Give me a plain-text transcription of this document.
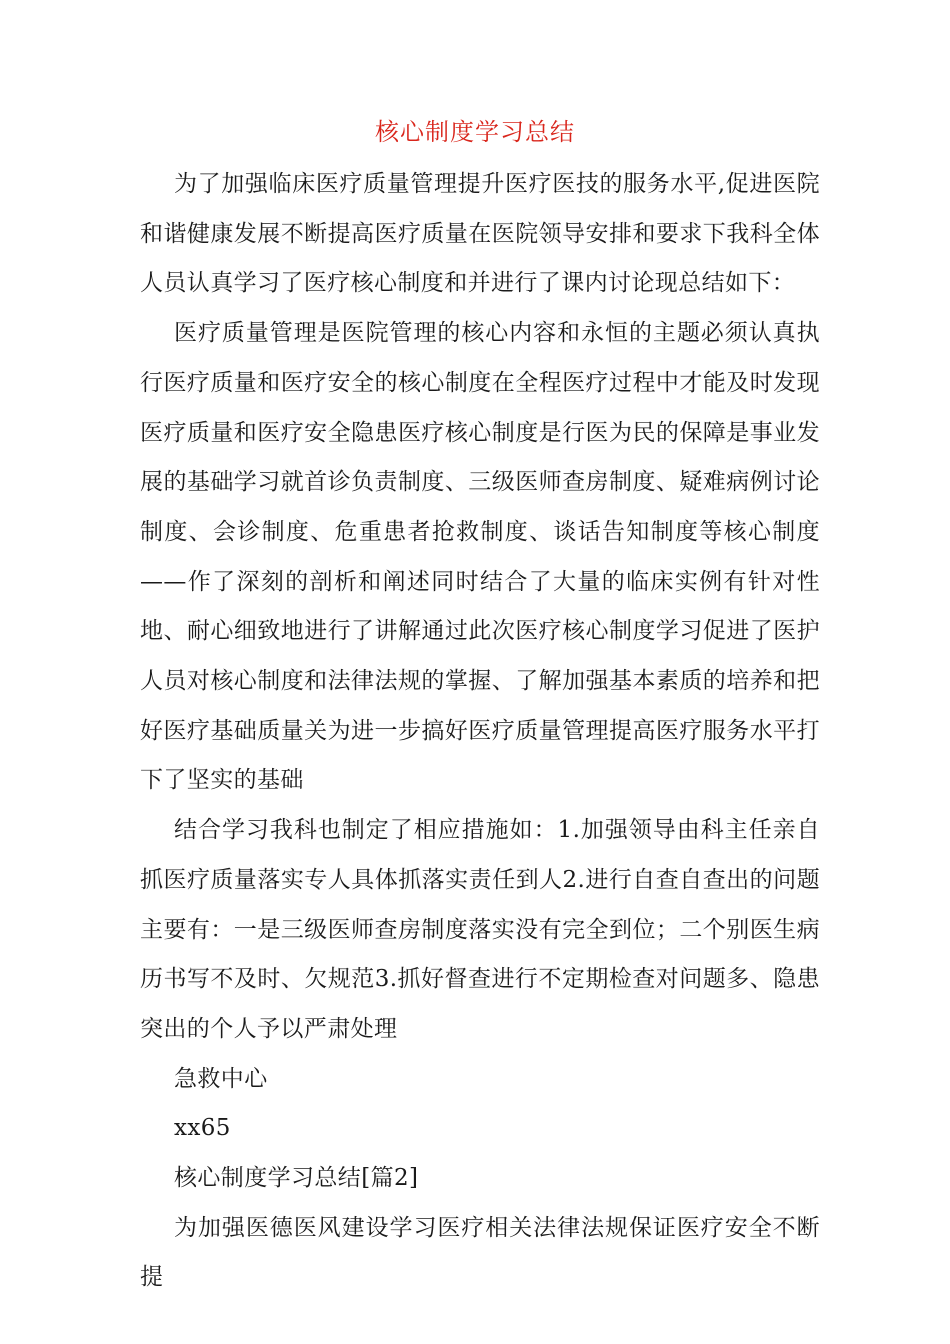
核心制度学习总结

为了加强临床医疗质量管理提升医疗医技的服务水平,促进医院和谐健康发展不断提高医疗质量在医院领导安排和要求下我科全体人员认真学习了医疗核心制度和并进行了课内讨论现总结如下：

医疗质量管理是医院管理的核心内容和永恒的主题必须认真执行医疗质量和医疗安全的核心制度在全程医疗过程中才能及时发现医疗质量和医疗安全隐患医疗核心制度是行医为民的保障是事业发展的基础学习就首诊负责制度、三级医师查房制度、疑难病例讨论制度、会诊制度、危重患者抢救制度、谈话告知制度等核心制度——作了深刻的剖析和阐述同时结合了大量的临床实例有针对性地、耐心细致地进行了讲解通过此次医疗核心制度学习促进了医护人员对核心制度和法律法规的掌握、了解加强基本素质的培养和把好医疗基础质量关为进一步搞好医疗质量管理提高医疗服务水平打下了坚实的基础

结合学习我科也制定了相应措施如：1.加强领导由科主任亲自抓医疗质量落实专人具体抓落实责任到人2.进行自查自查出的问题主要有：一是三级医师查房制度落实没有完全到位；二个别医生病历书写不及时、欠规范3.抓好督查进行不定期检查对问题多、隐患突出的个人予以严肃处理

急救中心

xx65

核心制度学习总结[篇2]

为加强医德医风建设学习医疗相关法律法规保证医疗安全不断提
